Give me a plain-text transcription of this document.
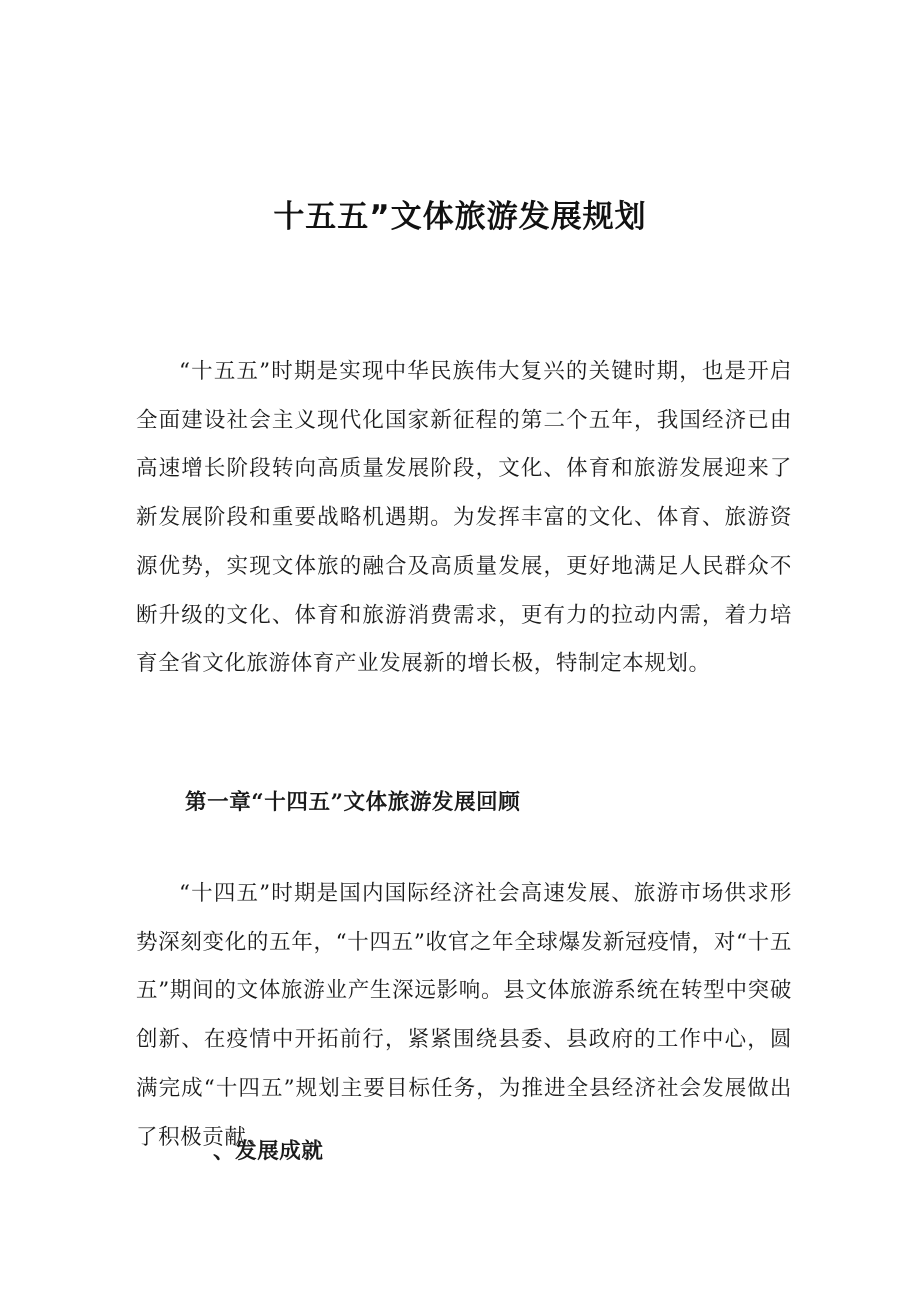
十五五”文体旅游发展规划

“十五五”时期是实现中华民族伟大复兴的关键时期，也是开启全面建设社会主义现代化国家新征程的第二个五年，我国经济已由高速增长阶段转向高质量发展阶段，文化、体育和旅游发展迎来了新发展阶段和重要战略机遇期。为发挥丰富的文化、体育、旅游资源优势，实现文体旅的融合及高质量发展，更好地满足人民群众不断升级的文化、体育和旅游消费需求，更有力的拉动内需，着力培育全省文化旅游体育产业发展新的增长极，特制定本规划。

第一章“十四五”文体旅游发展回顾

“十四五”时期是国内国际经济社会高速发展、旅游市场供求形势深刻变化的五年，“十四五”收官之年全球爆发新冠疫情，对“十五五”期间的文体旅游业产生深远影响。县文体旅游系统在转型中突破创新、在疫情中开拓前行，紧紧围绕县委、县政府的工作中心，圆满完成“十四五”规划主要目标任务，为推进全县经济社会发展做出了积极贡献。

、发展成就
